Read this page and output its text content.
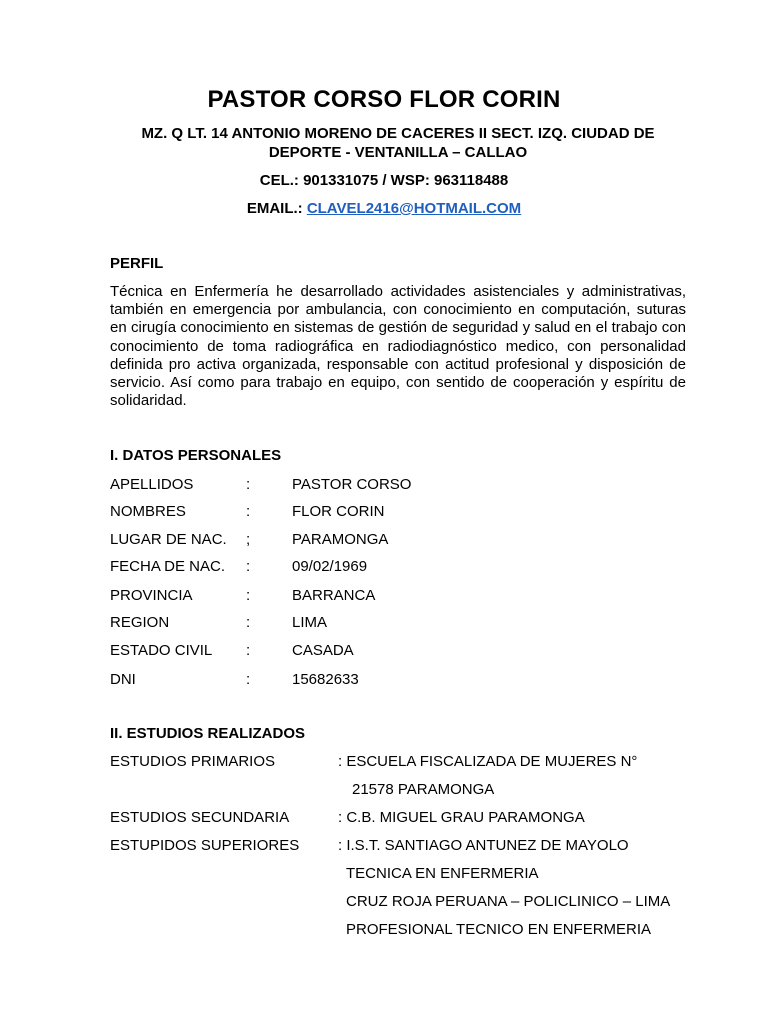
PASTOR CORSO FLOR CORIN
MZ. Q LT. 14 ANTONIO MORENO DE CACERES II SECT. IZQ. CIUDAD DE DEPORTE - VENTANILLA – CALLAO
CEL.: 901331075 / WSP: 963118488
EMAIL.: CLAVEL2416@HOTMAIL.COM
PERFIL

Técnica en Enfermería he desarrollado actividades asistenciales y administrativas, también en emergencia por ambulancia, con conocimiento en computación, suturas en cirugía conocimiento en sistemas de gestión de seguridad y salud en el trabajo con conocimiento de toma radiográfica en radiodiagnóstico medico, con personalidad definida pro activa organizada, responsable con actitud profesional y disposición de servicio. Así como para trabajo en equipo, con sentido de cooperación y espíritu de solidaridad.

I. DATOS PERSONALES
APELLIDOS	:	PASTOR CORSO
NOMBRES	:	FLOR CORIN
LUGAR DE NAC. ;	PARAMONGA
FECHA DE NAC. :	09/02/1969
PROVINCIA	:	BARRANCA
REGION	:	LIMA
ESTADO CIVIL :	CASADA
DNI	:	15682633
II. ESTUDIOS REALIZADOS
ESTUDIOS PRIMARIOS	: ESCUELA FISCALIZADA DE MUJERES N°
21578 PARAMONGA
ESTUDIOS SECUNDARIA	: C.B. MIGUEL GRAU PARAMONGA
ESTUPIDOS SUPERIORES	: I.S.T. SANTIAGO ANTUNEZ DE MAYOLO
TECNICA EN ENFERMERIA
CRUZ ROJA PERUANA – POLICLINICO – LIMA
PROFESIONAL TECNICO EN ENFERMERIA
